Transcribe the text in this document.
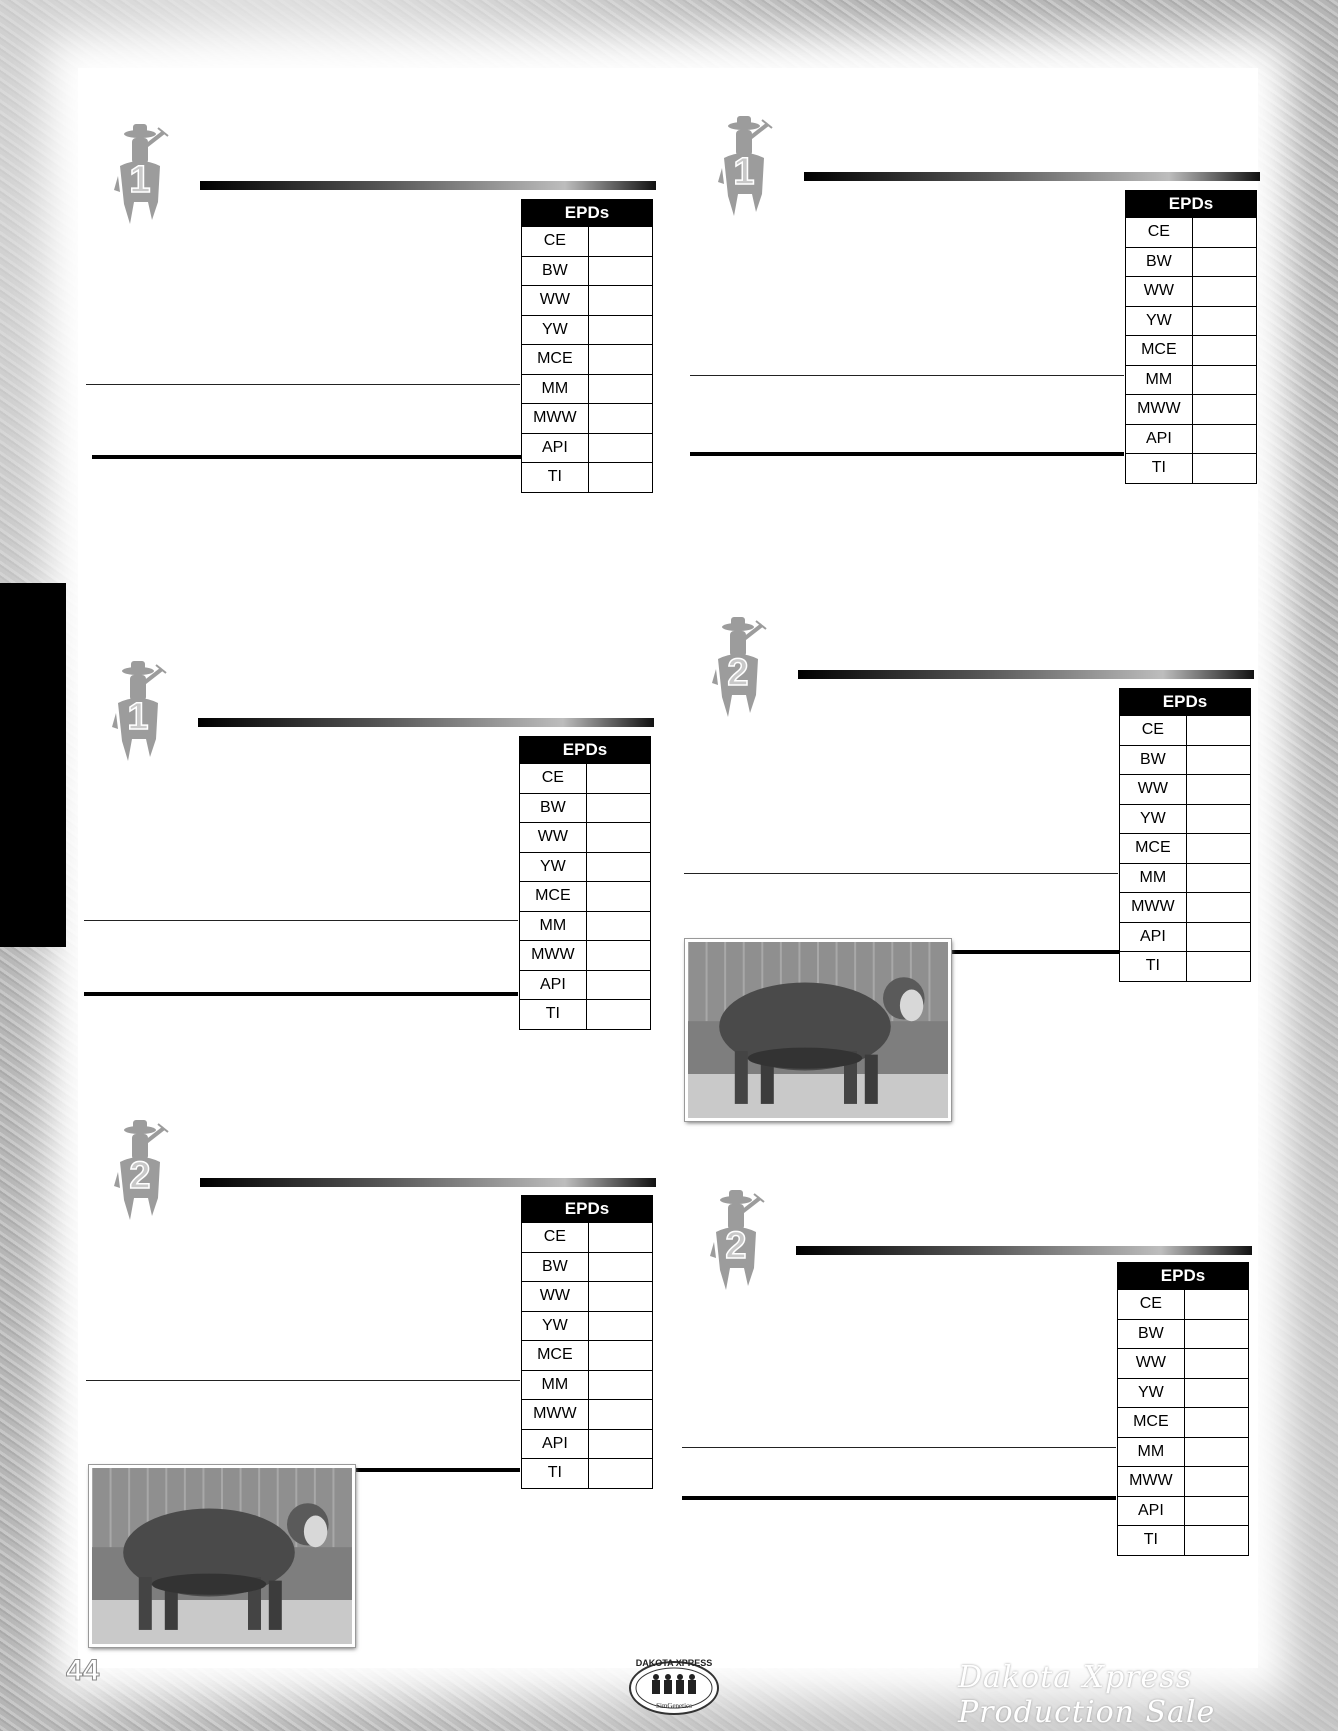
1
EPDs	
CE	
BW	
WW	
YW	
MCE	
MM	
MWW	
API	
TI	
1
EPDs	
CE	
BW	
WW	
YW	
MCE	
MM	
MWW	
API	
TI	
1
EPDs	
CE	
BW	
WW	
YW	
MCE	
MM	
MWW	
API	
TI	
2
EPDs	
CE	
BW	
WW	
YW	
MCE	
MM	
MWW	
API	
TI	
2
EPDs	
CE	
BW	
WW	
YW	
MCE	
MM	
MWW	
API	
TI	
2
EPDs	
CE	
BW	
WW	
YW	
MCE	
MM	
MWW	
API	
TI	
44	DAKOTA XPRESS
SimGenetics
Dakota Xpress Production Sale
